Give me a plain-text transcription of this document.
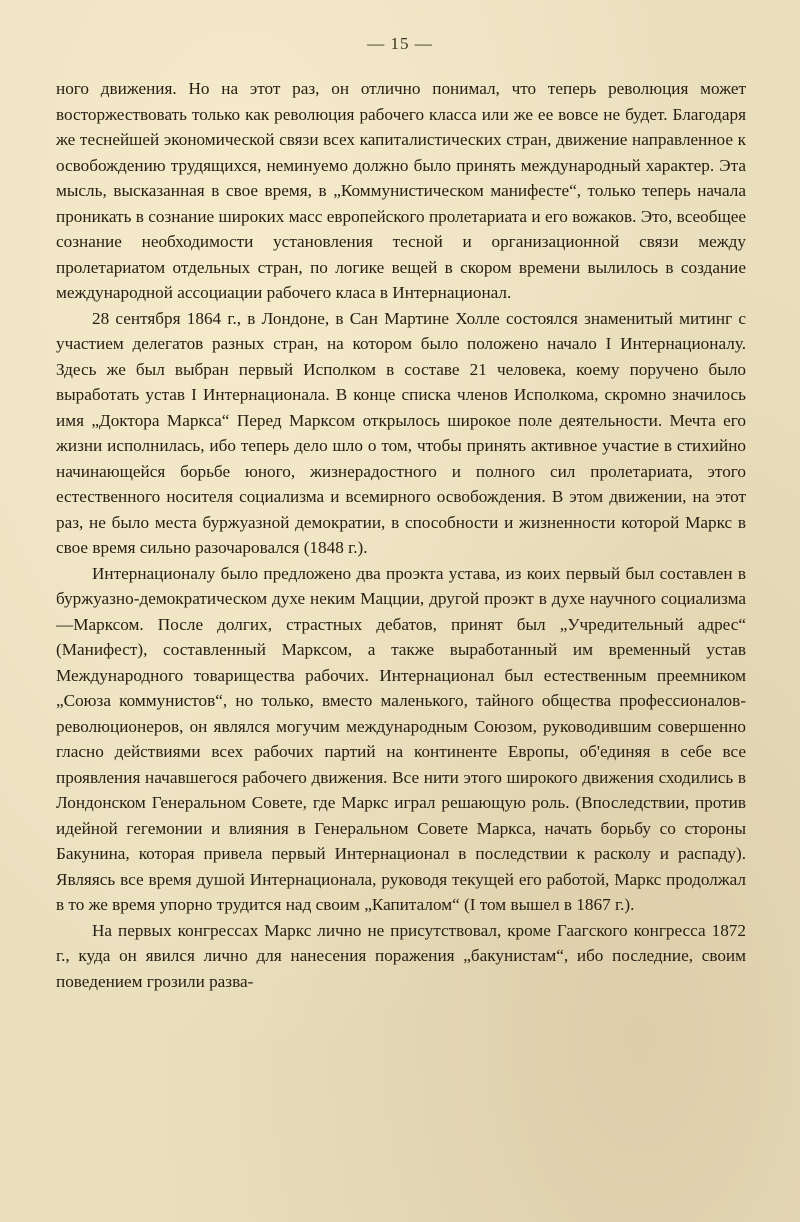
— 15 —

ного движения. Но на этот раз, он отлично понимал, что теперь революция может восторжествовать только как революция рабочего класса или же ее вовсе не будет. Благодаря же теснейшей экономической связи всех капиталистических стран, движение направленное к освобождению трудящихся, неминуемо должно было принять международный характер. Эта мысль, высказанная в свое время, в „Коммунистическом манифесте“, только теперь начала проникать в сознание широких масс европейского пролетариата и его вожаков. Это, всеобщее сознание необходимости установления тесной и организационной связи между пролетариатом отдельных стран, по логике вещей в скором времени вылилось в создание международной ассоциации рабочего класа в Интернационал.

28 сентября 1864 г., в Лондоне, в Сан Мартине Холле состоялся знаменитый митинг с участием делегатов разных стран, на котором было положено начало I Интернационалу. Здесь же был выбран первый Исполком в составе 21 человека, коему поручено было выработать устав I Интернационала. В конце списка членов Исполкома, скромно значилось имя „Доктора Маркса“ Перед Марксом открылось широкое поле деятельности. Мечта его жизни исполнилась, ибо теперь дело шло о том, чтобы принять активное участие в стихийно начинающейся борьбе юного, жизнерадостного и полного сил пролетариата, этого естественного носителя социализма и всемирного освобождения. В этом движении, на этот раз, не было места буржуазной демократии, в способности и жизненности которой Маркс в свое время сильно разочаровался (1848 г.).

Интернационалу было предложено два проэкта устава, из коих первый был составлен в буржуазно-демократическом духе неким Мацции, другой проэкт в духе научного социализма—Марксом. После долгих, страстных дебатов, принят был „Учредительный адрес“ (Манифест), составленный Марксом, а также выработанный им временный устав Международного товарищества рабочих. Интернационал был естественным преемником „Союза коммунистов“, но только, вместо маленького, тайного общества профессионалов-революционеров, он являлся могучим международным Союзом, руководившим совершенно гласно действиями всех рабочих партий на континенте Европы, об'единяя в себе все проявления начавшегося рабочего движения. Все нити этого широкого движения сходились в Лондонском Генеральном Совете, где Маркс играл решающую роль. (Впоследствии, против идейной гегемонии и влияния в Генеральном Совете Маркса, начать борьбу со стороны Бакунина, которая привела первый Интернационал в последствии к расколу и распаду). Являясь все время душой Интернационала, руководя текущей его работой, Маркс продолжал в то же время упорно трудится над своим „Капиталом“ (I том вышел в 1867 г.).

На первых конгрессах Маркс лично не присутствовал, кроме Гаагского конгресса 1872 г., куда он явился лично для нанесения поражения „бакунистам“, ибо последние, своим поведением грозили разва-
